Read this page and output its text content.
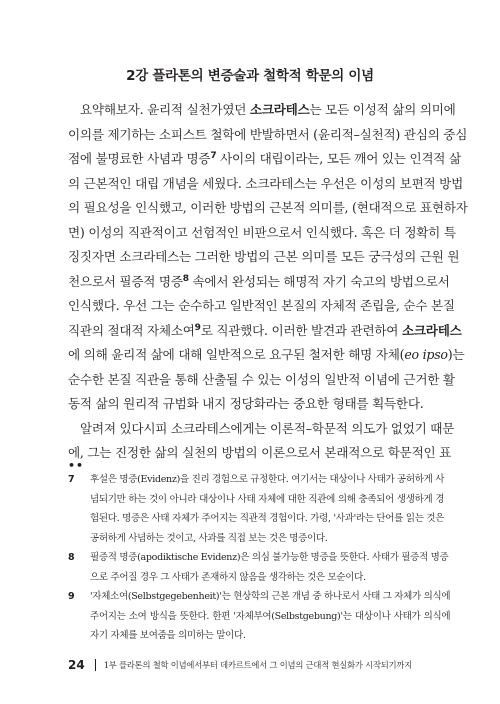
2강 플라톤의 변증술과 철학적 학문의 이념
요약해보자. 윤리적 실천가였던 소크라테스는 모든 이성적 삶의 의미에
이의를 제기하는 소피스트 철학에 반발하면서 (윤리적–실천적) 관심의 중심
점에 불명료한 사념과 명증$^7$ 사이의 대립이라는, 모든 깨어 있는 인격적 삶
의 근본적인 대립 개념을 세웠다. 소크라테스는 우선은 이성의 보편적 방법
의 필요성을 인식했고, 이러한 방법의 근본적 의미를, (현대적으로 표현하자
면) 이성의 직관적이고 선험적인 비판으로서 인식했다. 혹은 더 정확히 특
징짓자면 소크라테스는 그러한 방법의 근본 의미를 모든 궁극성의 근원 원
천으로서 필증적 명증$^8$ 속에서 완성되는 해명적 자기 숙고의 방법으로서
인식했다. 우선 그는 순수하고 일반적인 본질의 자체적 존립을, 순수 본질
직관의 절대적 자체소여$^9$로 직관했다. 이러한 발견과 관련하여 소크라테스
에 의해 윤리적 삶에 대해 일반적으로 요구된 철저한 해명 자체(eo ipso)는
순수한 본질 직관을 통해 산출될 수 있는 이성의 일반적 이념에 근거한 활
동적 삶의 원리적 규범화 내지 정당화라는 중요한 형태를 획득한다.
알려져 있다시피 소크라테스에게는 이론적–학문적 의도가 없었기 때문
에, 그는 진정한 삶의 실천의 방법의 이론으로서 본래적으로 학문적인 표
••
7	후설은 명증(Evidenz)을 진리 경험으로 규정한다. 여기서는 대상이나 사태가 공허하게 사
념되기만 하는 것이 아니라 대상이나 사태 자체에 대한 직관에 의해 충족되어 생생하게 경
험된다. 명증은 사태 자체가 주어지는 직관적 경험이다. 가령, '사과'라는 단어를 읽는 것은
공허하게 사념하는 것이고, 사과를 직접 보는 것은 명증이다.
8	필증적 명증(apodiktische Evidenz)은 의심 불가능한 명증을 뜻한다. 사태가 필증적 명증
으로 주어질 경우 그 사태가 존재하지 않음을 생각하는 것은 모순이다.
9	'자체소여(Selbstgegebenheit)'는 현상학의 근본 개념 중 하나로서 사태 그 자체가 의식에
주어지는 소여 방식을 뜻한다. 한편 '자체부여(Selbstgebung)'는 대상이나 사태가 의식에
자기 자체를 보여줌을 의미하는 말이다.
24 1부 플라톤의 철학 이념에서부터 데카르트에서 그 이념의 근대적 현실화가 시작되기까지
